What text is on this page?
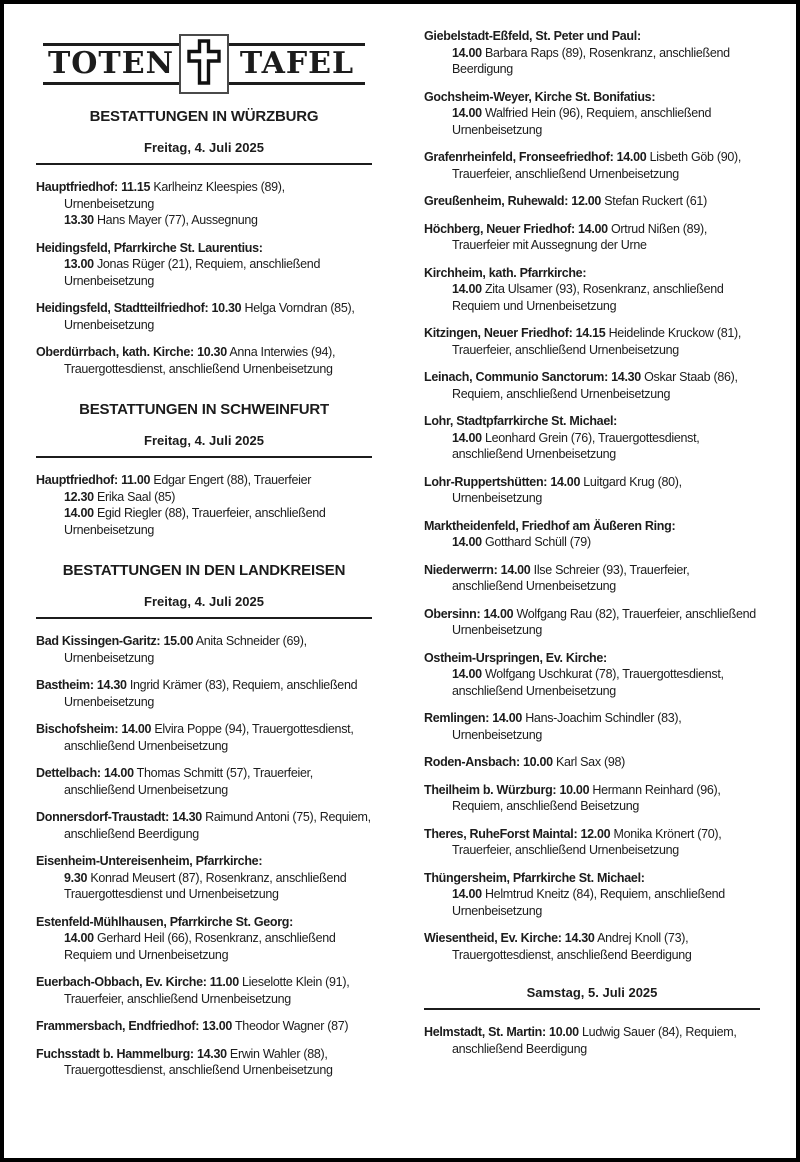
TOTEN	TAFEL
BESTATTUNGEN IN WÜRZBURG
Freitag, 4. Juli 2025
Hauptfriedhof: 11.15 Karlheinz Kleespies (89), Urnenbeisetzung
13.30 Hans Mayer (77), Aussegnung
Heidingsfeld, Pfarrkirche St. Laurentius:
13.00 Jonas Rüger (21), Requiem, anschließend Urnenbeisetzung
Heidingsfeld, Stadtteilfriedhof: 10.30 Helga Vorndran (85), Urnenbeisetzung
Oberdürrbach, kath. Kirche: 10.30 Anna Interwies (94), Trauergottesdienst, anschließend Urnenbeisetzung
BESTATTUNGEN IN SCHWEINFURT
Freitag, 4. Juli 2025
Hauptfriedhof: 11.00 Edgar Engert (88), Trauerfeier
12.30 Erika Saal (85)
14.00 Egid Riegler (88), Trauerfeier, anschließend Urnenbeisetzung
BESTATTUNGEN IN DEN LANDKREISEN
Freitag, 4. Juli 2025
Bad Kissingen-Garitz: 15.00 Anita Schneider (69), Urnenbeisetzung
Bastheim: 14.30 Ingrid Krämer (83), Requiem, anschließend Urnenbeisetzung
Bischofsheim: 14.00 Elvira Poppe (94), Trauergottesdienst, anschließend Urnenbeisetzung
Dettelbach: 14.00 Thomas Schmitt (57), Trauerfeier, anschließend Urnenbeisetzung
Donnersdorf-Traustadt: 14.30 Raimund Antoni (75), Requiem, anschließend Beerdigung
Eisenheim-Untereisenheim, Pfarrkirche:
9.30 Konrad Meusert (87), Rosenkranz, anschließend Trauergottesdienst und Urnenbeisetzung
Estenfeld-Mühlhausen, Pfarrkirche St. Georg:
14.00 Gerhard Heil (66), Rosenkranz, anschließend Requiem und Urnenbeisetzung
Euerbach-Obbach, Ev. Kirche: 11.00 Lieselotte Klein (91), Trauerfeier, anschließend Urnenbeisetzung
Frammersbach, Endfriedhof: 13.00 Theodor Wagner (87)
Fuchsstadt b. Hammelburg: 14.30 Erwin Wahler (88), Trauergottesdienst, anschließend Urnenbeisetzung
Giebelstadt-Eßfeld, St. Peter und Paul:
14.00 Barbara Raps (89), Rosenkranz, anschließend Beerdigung
Gochsheim-Weyer, Kirche St. Bonifatius:
14.00 Walfried Hein (96), Requiem, anschließend Urnenbeisetzung
Grafenrheinfeld, Fronseefriedhof: 14.00 Lisbeth Göb (90), Trauerfeier, anschließend Urnenbeisetzung
Greußenheim, Ruhewald: 12.00 Stefan Ruckert (61)
Höchberg, Neuer Friedhof: 14.00 Ortrud Nißen (89), Trauerfeier mit Aussegnung der Urne
Kirchheim, kath. Pfarrkirche:
14.00 Zita Ulsamer (93), Rosenkranz, anschließend Requiem und Urnenbeisetzung
Kitzingen, Neuer Friedhof: 14.15 Heidelinde Kruckow (81), Trauerfeier, anschließend Urnenbeisetzung
Leinach, Communio Sanctorum: 14.30 Oskar Staab (86), Requiem, anschließend Urnenbeisetzung
Lohr, Stadtpfarrkirche St. Michael:
14.00 Leonhard Grein (76), Trauergottesdienst, anschließend Urnenbeisetzung
Lohr-Ruppertshütten: 14.00 Luitgard Krug (80), Urnenbeisetzung
Marktheidenfeld, Friedhof am Äußeren Ring:
14.00 Gotthard Schüll (79)
Niederwerrn: 14.00 Ilse Schreier (93), Trauerfeier, anschließend Urnenbeisetzung
Obersinn: 14.00 Wolfgang Rau (82), Trauerfeier, anschließend Urnenbeisetzung
Ostheim-Urspringen, Ev. Kirche:
14.00 Wolfgang Uschkurat (78), Trauergottesdienst, anschließend Urnenbeisetzung
Remlingen: 14.00 Hans-Joachim Schindler (83), Urnenbeisetzung
Roden-Ansbach: 10.00 Karl Sax (98)
Theilheim b. Würzburg: 10.00 Hermann Reinhard (96), Requiem, anschließend Beisetzung
Theres, RuheForst Maintal: 12.00 Monika Krönert (70), Trauerfeier, anschließend Urnenbeisetzung
Thüngersheim, Pfarrkirche St. Michael:
14.00 Helmtrud Kneitz (84), Requiem, anschließend Urnenbeisetzung
Wiesentheid, Ev. Kirche: 14.30 Andrej Knoll (73), Trauergottesdienst, anschließend Beerdigung
Samstag, 5. Juli 2025
Helmstadt, St. Martin: 10.00 Ludwig Sauer (84), Requiem, anschließend Beerdigung
